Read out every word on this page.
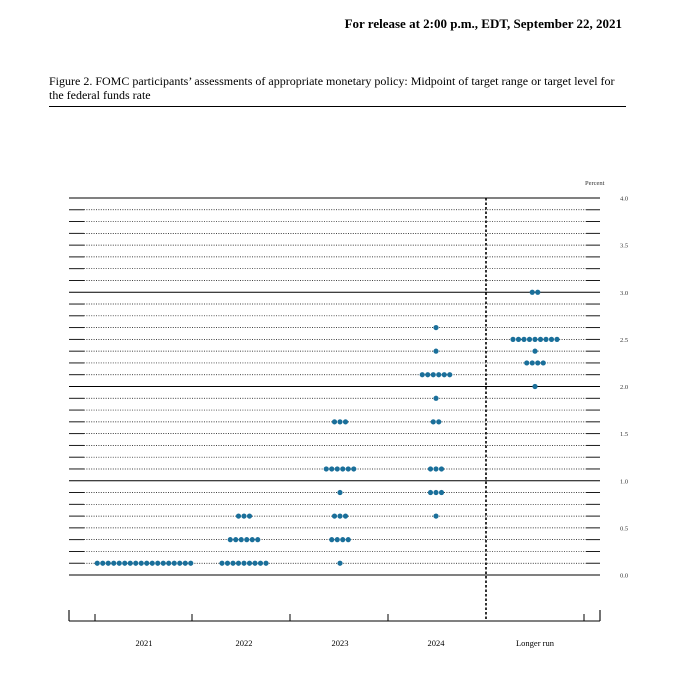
For release at 2:00 p.m., EDT, September 22, 2021
Figure 2. FOMC participants’ assessments of appropriate monetary policy: Midpoint of target range or target level for the federal funds rate
0.0
0.5
1.0
1.5
2.0
2.5
3.0
3.5
4.0
Percent
2021	2022	2023	2024	Longer run
